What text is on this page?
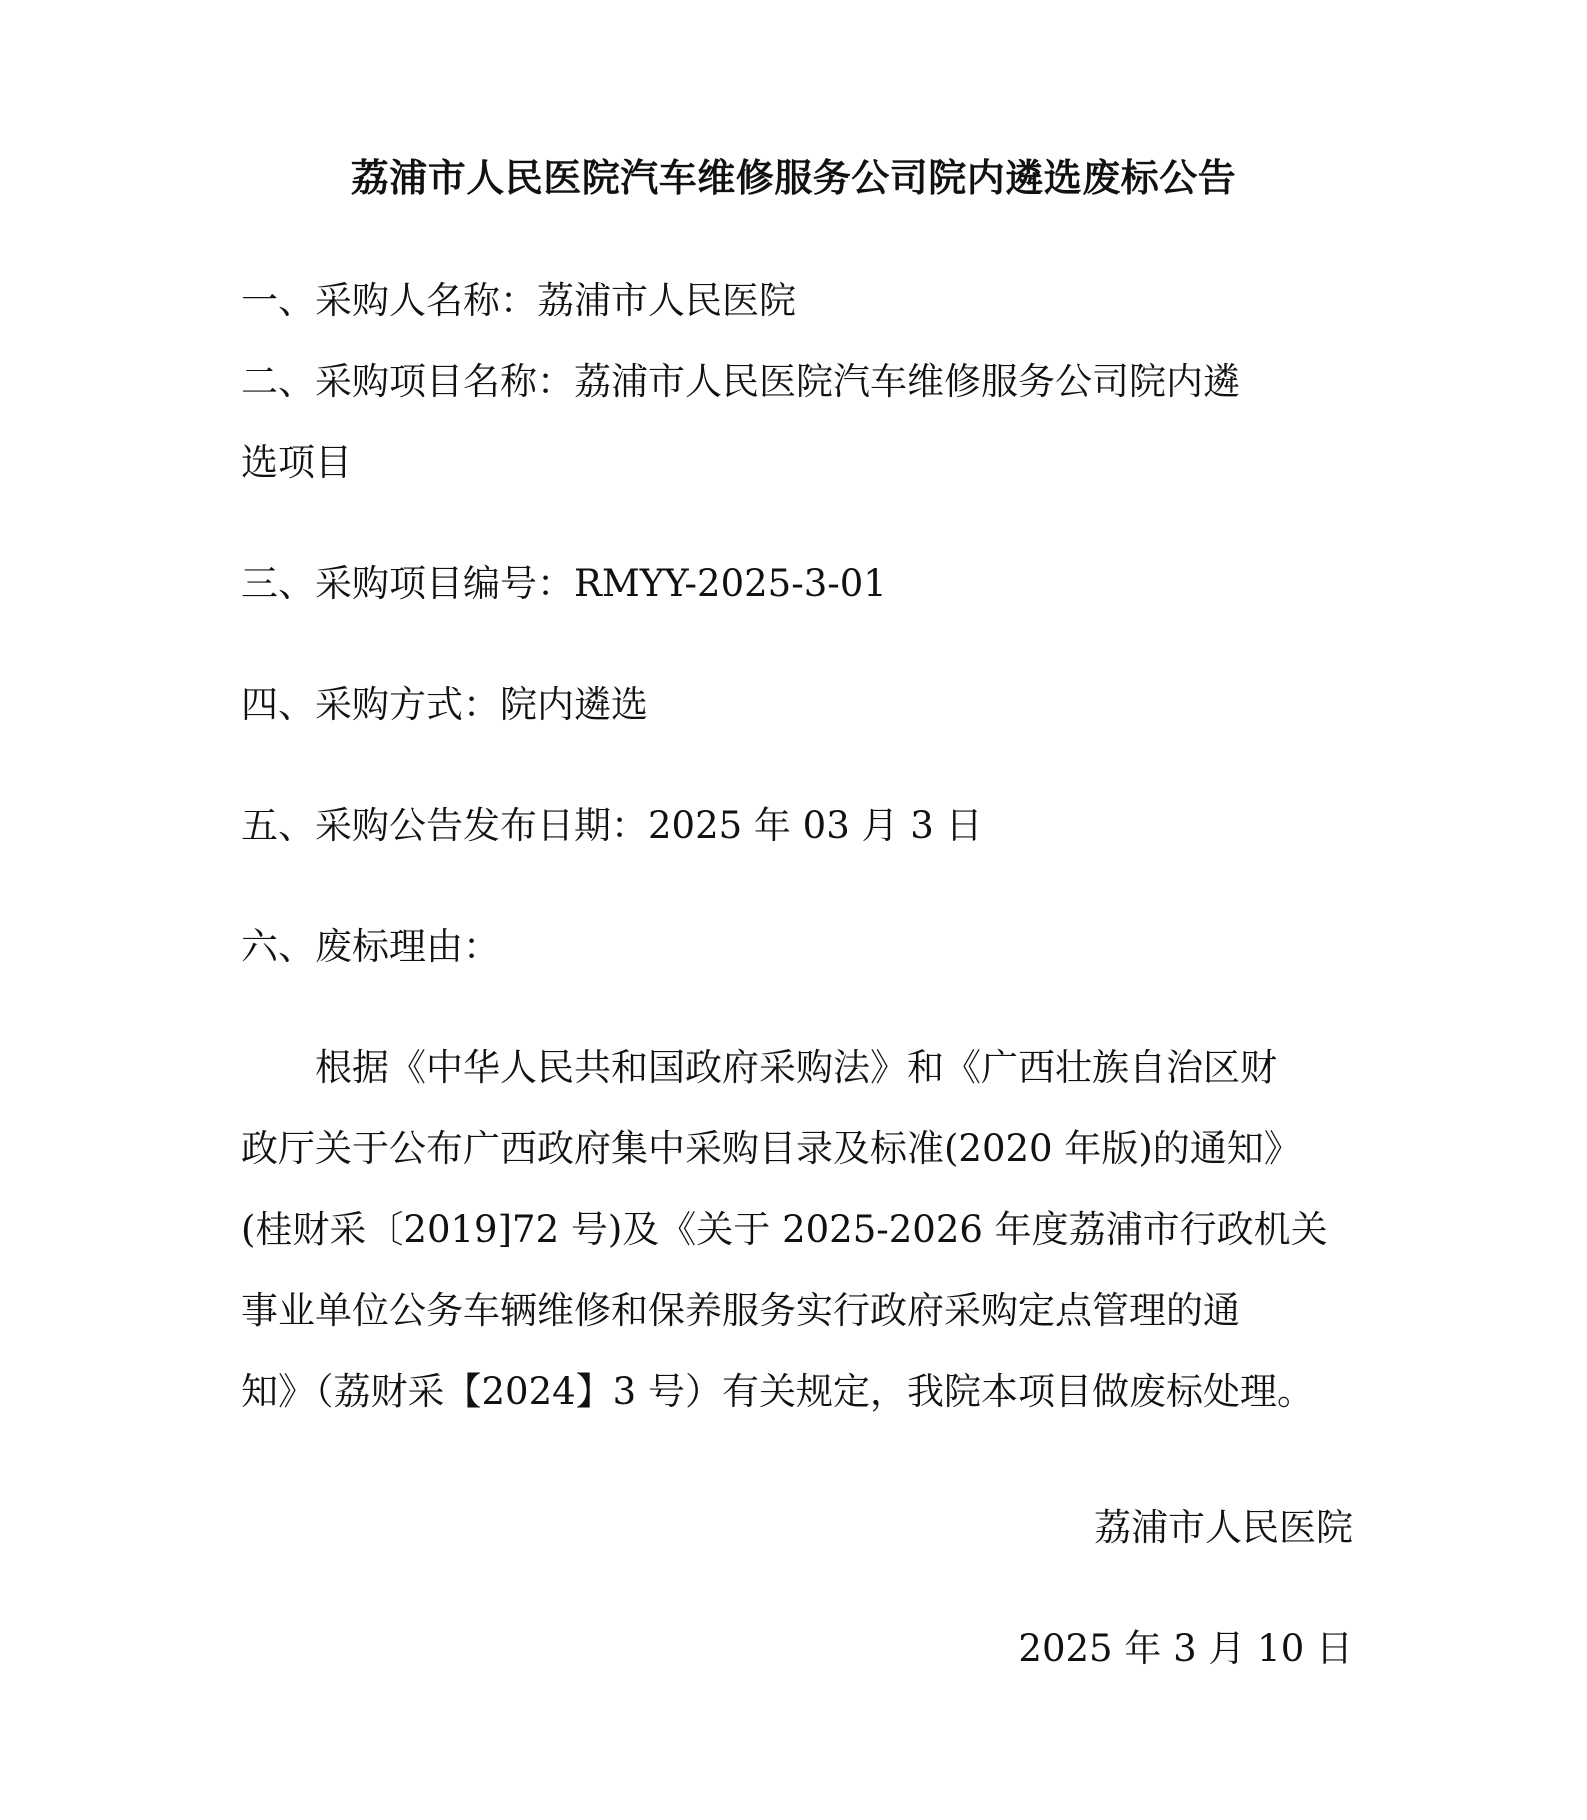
荔浦市人民医院汽车维修服务公司院内遴选废标公告
一、采购人名称：荔浦市人民医院
二、采购项目名称：荔浦市人民医院汽车维修服务公司院内遴
选项目
三、采购项目编号：RMYY-2025-3-01
四、采购方式：院内遴选
五、采购公告发布日期：2025 年 03 月 3 日
六、废标理由：
　　根据《中华人民共和国政府采购法》和《广西壮族自治区财
政厅关于公布广西政府集中采购目录及标准(2020 年版)的通知》
(桂财采〔2019]72 号)及《关于 2025-2026 年度荔浦市行政机关
事业单位公务车辆维修和保养服务实行政府采购定点管理的通
知》（荔财采【2024】3 号）有关规定，我院本项目做废标处理。
荔浦市人民医院
2025 年 3 月 10 日
